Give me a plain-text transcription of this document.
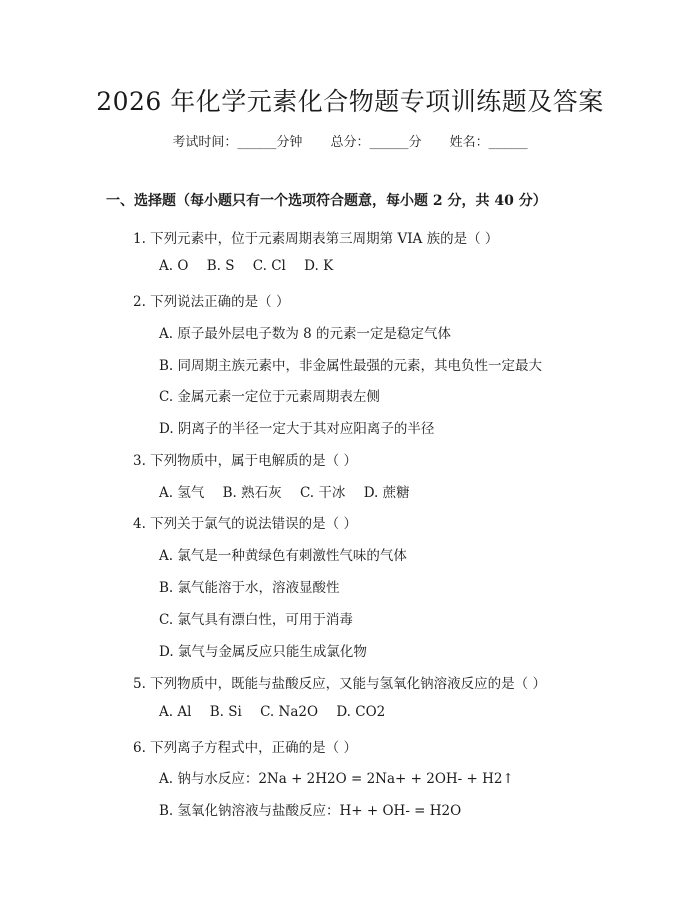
2026 年化学元素化合物题专项训练题及答案
考试时间：______分钟 总分：______分 姓名：______
一、选择题（每小题只有一个选项符合题意，每小题 2 分，共 40 分）
1. 下列元素中，位于元素周期表第三周期第 VIA 族的是（ ）
A. O B. S C. Cl D. K
2. 下列说法正确的是（ ）
A. 原子最外层电子数为 8 的元素一定是稳定气体
B. 同周期主族元素中，非金属性最强的元素，其电负性一定最大
C. 金属元素一定位于元素周期表左侧
D. 阴离子的半径一定大于其对应阳离子的半径
3. 下列物质中，属于电解质的是（ ）
A. 氢气 B. 熟石灰 C. 干冰 D. 蔗糖
4. 下列关于氯气的说法错误的是（ ）
A. 氯气是一种黄绿色有刺激性气味的气体
B. 氯气能溶于水，溶液显酸性
C. 氯气具有漂白性，可用于消毒
D. 氯气与金属反应只能生成氯化物
5. 下列物质中，既能与盐酸反应，又能与氢氧化钠溶液反应的是（ ）
A. Al B. Si C. Na2O D. CO2
6. 下列离子方程式中，正确的是（ ）
A. 钠与水反应：2Na + 2H2O = 2Na+ + 2OH- + H2↑
B. 氢氧化钠溶液与盐酸反应：H+ + OH- = H2O
